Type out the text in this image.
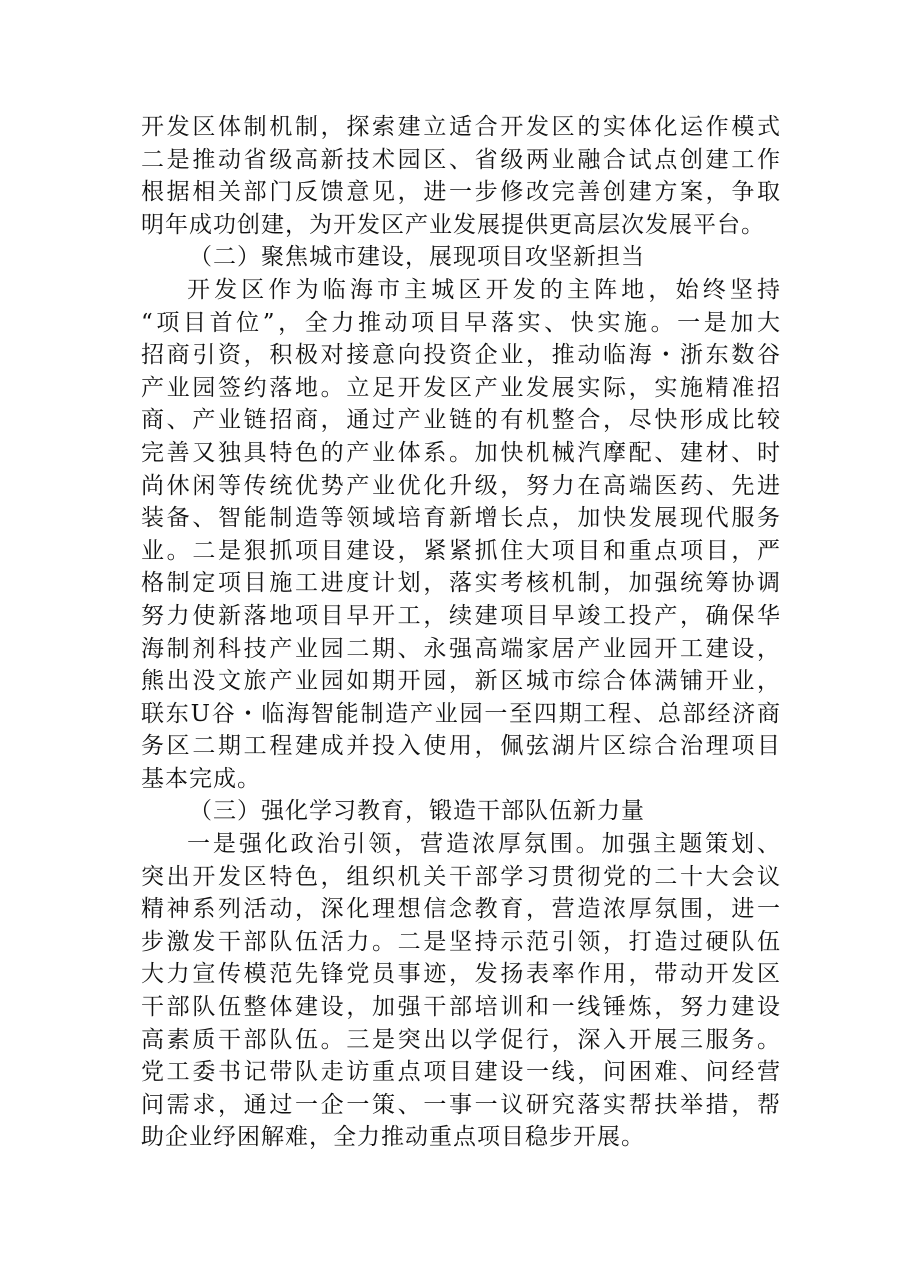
开发区体制机制，探索建立适合开发区的实体化运作模式
二是推动省级高新技术园区、省级两业融合试点创建工作
根据相关部门反馈意见，进一步修改完善创建方案，争取
明年成功创建，为开发区产业发展提供更高层次发展平台。
（二）聚焦城市建设，展现项目攻坚新担当
开发区作为临海市主城区开发的主阵地，始终坚持
“项目首位”，全力推动项目早落实、快实施。一是加大
招商引资，积极对接意向投资企业，推动临海・浙东数谷
产业园签约落地。立足开发区产业发展实际，实施精准招
商、产业链招商，通过产业链的有机整合，尽快形成比较
完善又独具特色的产业体系。加快机械汽摩配、建材、时
尚休闲等传统优势产业优化升级，努力在高端医药、先进
装备、智能制造等领域培育新增长点，加快发展现代服务
业。二是狠抓项目建设，紧紧抓住大项目和重点项目，严
格制定项目施工进度计划，落实考核机制，加强统筹协调
努力使新落地项目早开工，续建项目早竣工投产，确保华
海制剂科技产业园二期、永强高端家居产业园开工建设，
熊出没文旅产业园如期开园，新区城市综合体满铺开业，
联东U谷・临海智能制造产业园一至四期工程、总部经济商
务区二期工程建成并投入使用，佩弦湖片区综合治理项目
基本完成。
（三）强化学习教育，锻造干部队伍新力量
一是强化政治引领，营造浓厚氛围。加强主题策划、
突出开发区特色，组织机关干部学习贯彻党的二十大会议
精神系列活动，深化理想信念教育，营造浓厚氛围，进一
步激发干部队伍活力。二是坚持示范引领，打造过硬队伍
大力宣传模范先锋党员事迹，发扬表率作用，带动开发区
干部队伍整体建设，加强干部培训和一线锤炼，努力建设
高素质干部队伍。三是突出以学促行，深入开展三服务。
党工委书记带队走访重点项目建设一线，问困难、问经营
问需求，通过一企一策、一事一议研究落实帮扶举措，帮
助企业纾困解难，全力推动重点项目稳步开展。
